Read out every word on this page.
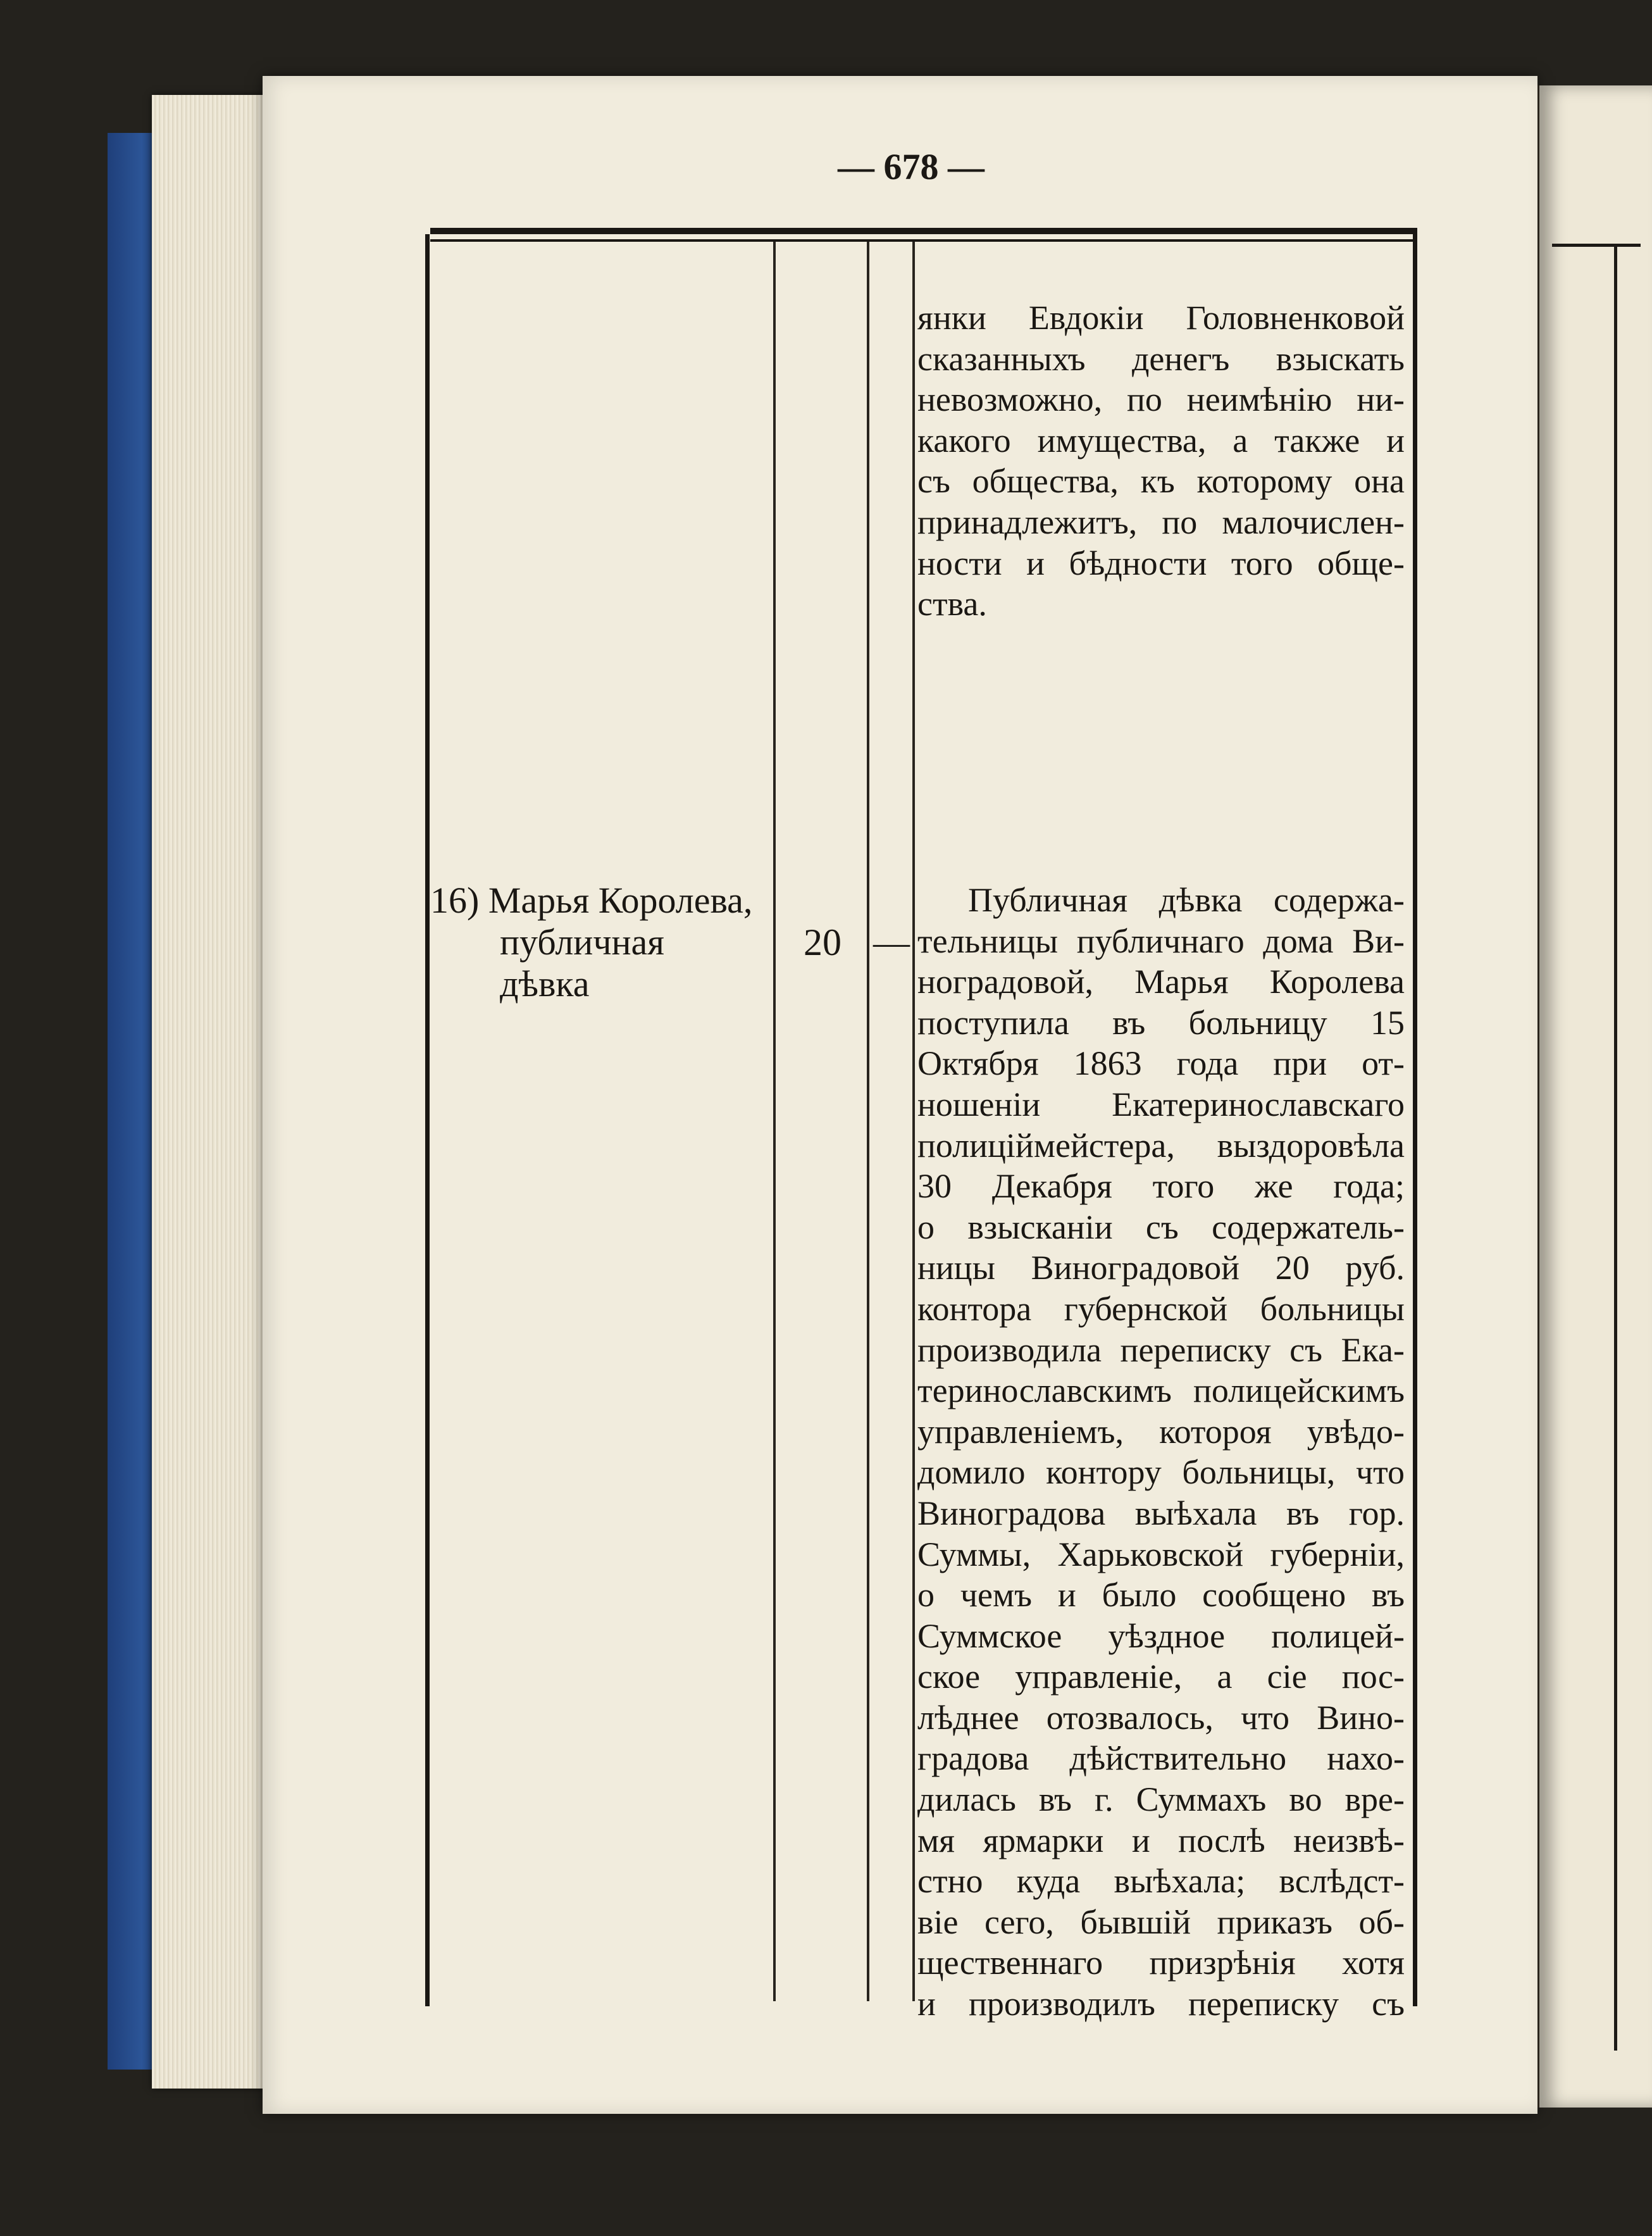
— 678 —
янки Евдокіи Головненковой
сказанныхъ денегъ взыскать
невозможно, по неимѣнію ни-
какого имущества, а также и
съ общества, къ которому она
принадлежитъ, по малочислен-
ности и бѣдности того обще-
ства.
16) Марья Королева,
публичная дѣвка
20 —
Публичная дѣвка содержа-
тельницы публичнаго дома Ви-
ноградовой, Марья Королева
поступила въ больницу 15
Октября 1863 года при от-
ношеніи Екатеринославскаго
полиціймейстера, выздоровѣла
30 Декабря того же года;
о взысканіи съ содержатель-
ницы Виноградовой 20 руб.
контора губернской больницы
производила переписку съ Ека-
теринославскимъ полицейскимъ
управленіемъ, котороя увѣдо-
домило контору больницы, что
Виноградова выѣхала въ гор.
Суммы, Харьковской губерніи,
о чемъ и было сообщено въ
Суммское уѣздное полицей-
ское управленіе, а сіе пос-
лѣднее отозвалось, что Вино-
градова дѣйствительно нахо-
дилась въ г. Суммахъ во вре-
мя ярмарки и послѣ неизвѣ-
стно куда выѣхала; вслѣдст-
віе сего, бывшій приказъ об-
щественнаго призрѣнія хотя
и производилъ переписку съ
